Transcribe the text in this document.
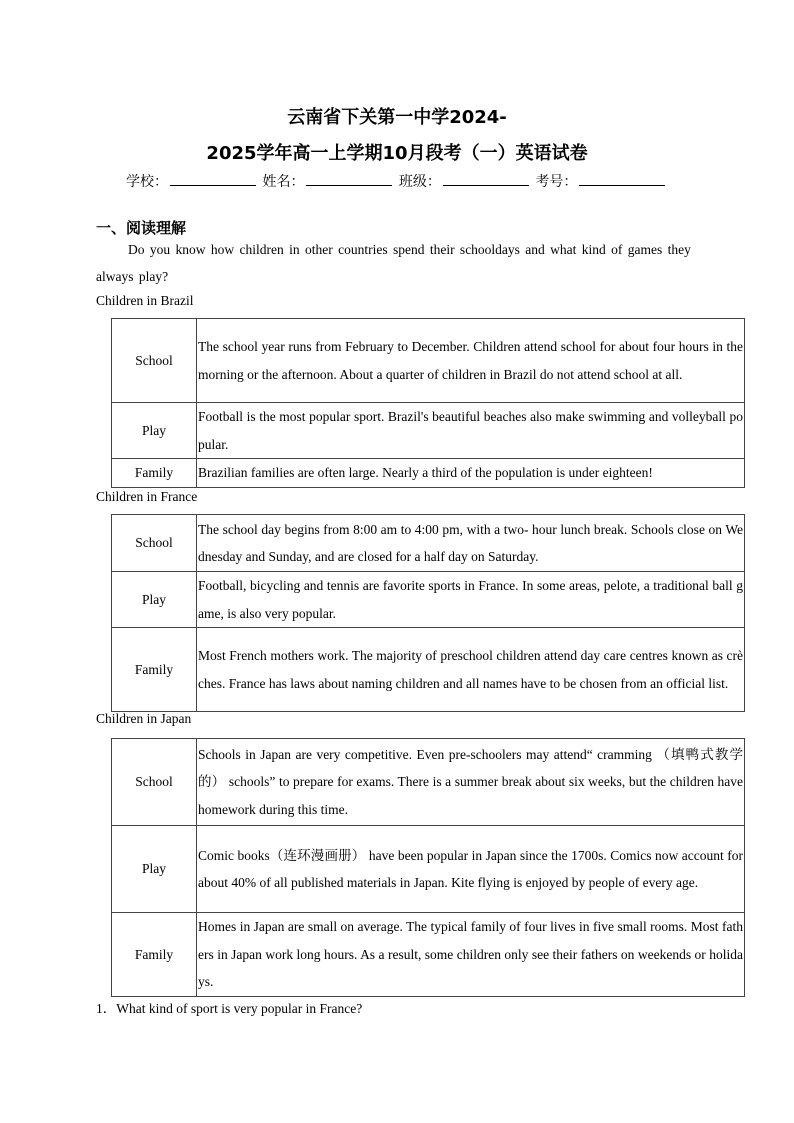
云南省下关第一中学2024-
2025学年高一上学期10月段考（一）英语试卷
学校：	姓名：	班级：	考号：
一、阅读理解
Do you know how children in other countries spend their schooldays and what kind of games they always play?
Children in Brazil
School	The school year runs from February to December. Children attend school for about four hours in the morning or the afternoon. About a quarter of children in Brazil do not attend school at all.
Play	Football is the most popular sport. Brazil's beautiful beaches also make swimming and volleyball popular.
Family	Brazilian families are often large. Nearly a third of the population is under eighteen!
Children in France
School	The school day begins from 8:00 am to 4:00 pm, with a two- hour lunch break. Schools close on Wednesday and Sunday, and are closed for a half day on Saturday.
Play	Football, bicycling and tennis are favorite sports in France. In some areas, pelote, a traditional ball game, is also very popular.
Family	Most French mothers work. The majority of preschool children attend day care centres known as crèches. France has laws about naming children and all names have to be chosen from an official list.
Children in Japan
School	Schools in Japan are very competitive. Even pre-schoolers may attend“ cramming （填鸭式教学的） schools” to prepare for exams. There is a summer break about six weeks, but the children have homework during this time.
Play	Comic books（连环漫画册） have been popular in Japan since the 1700s. Comics now account for about 40% of all published materials in Japan. Kite flying is enjoyed by people of every age.
Family	Homes in Japan are small on average. The typical family of four lives in five small rooms. Most fathers in Japan work long hours. As a result, some children only see their fathers on weekends or holidays.
1．What kind of sport is very popular in France?
